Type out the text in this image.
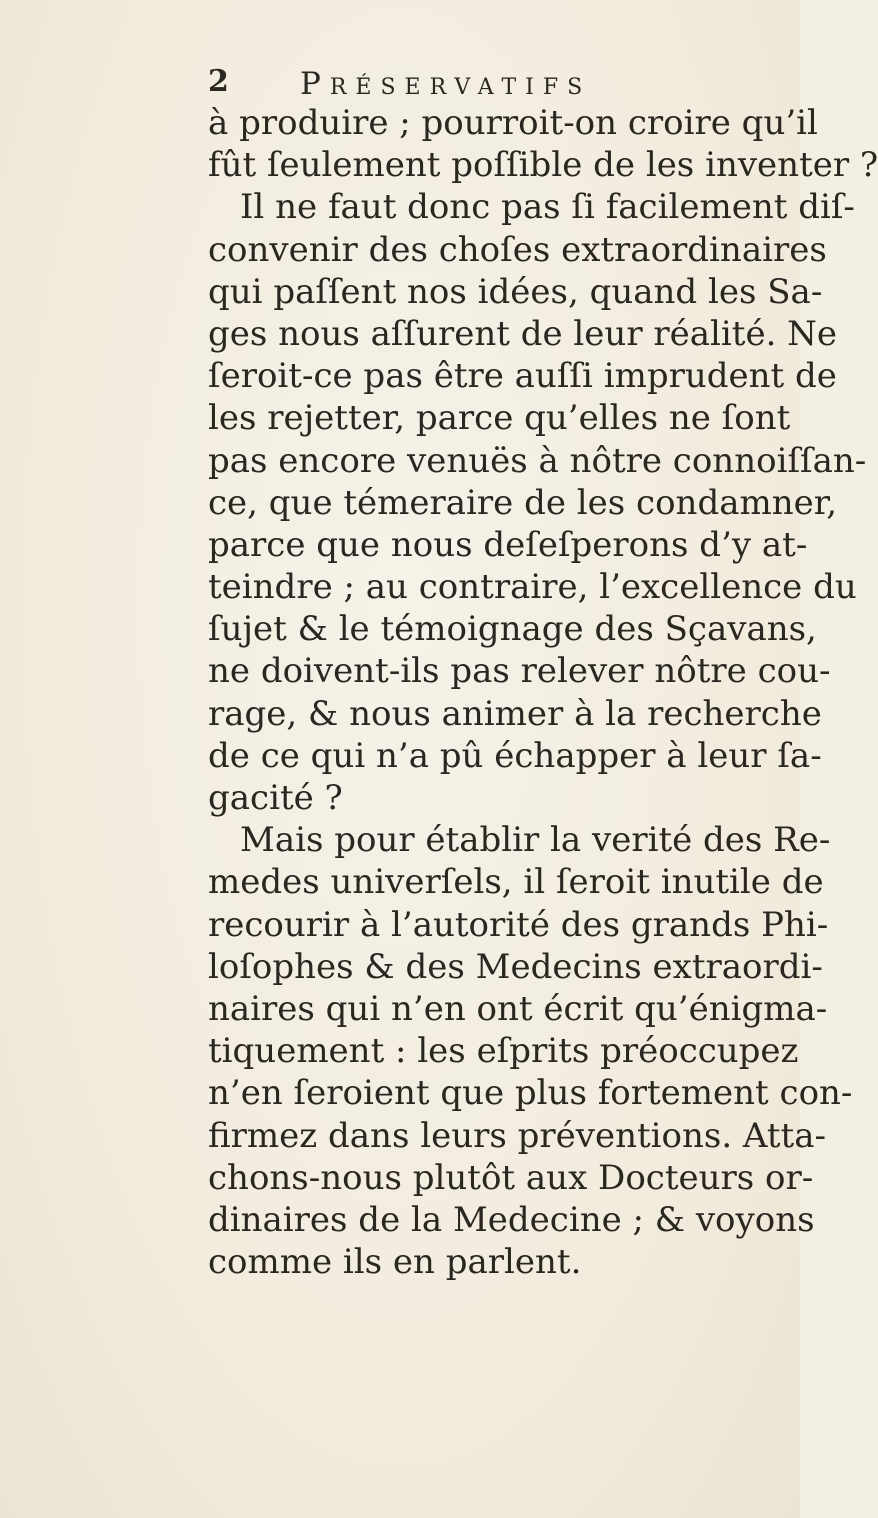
2 Préservatifs
à produire ; pourroit-on croire qu’il
fût ſeulement poſſible de les inventer ?
Il ne faut donc pas ſi facilement diſ-
convenir des choſes extraordinaires
qui paſſent nos idées, quand les Sa-
ges nous aſſurent de leur réalité. Ne
ſeroit-ce pas être auſſi imprudent de
les rejetter, parce qu’elles ne ſont
pas encore venuës à nôtre connoiſſan-
ce, que témeraire de les condamner,
parce que nous deſeſperons d’y at-
teindre ; au contraire, l’excellence du
ſujet & le témoignage des Sçavans,
ne doivent-ils pas relever nôtre cou-
rage, & nous animer à la recherche
de ce qui n’a pû échapper à leur ſa-
gacité ?
Mais pour établir la verité des Re-
medes univerſels, il ſeroit inutile de
recourir à l’autorité des grands Phi-
loſophes & des Medecins extraordi-
naires qui n’en ont écrit qu’énigma-
tiquement : les eſprits préoccupez
n’en ſeroient que plus fortement con-
firmez dans leurs préventions. Atta-
chons-nous plutôt aux Docteurs or-
dinaires de la Medecine ; & voyons
comme ils en parlent.
